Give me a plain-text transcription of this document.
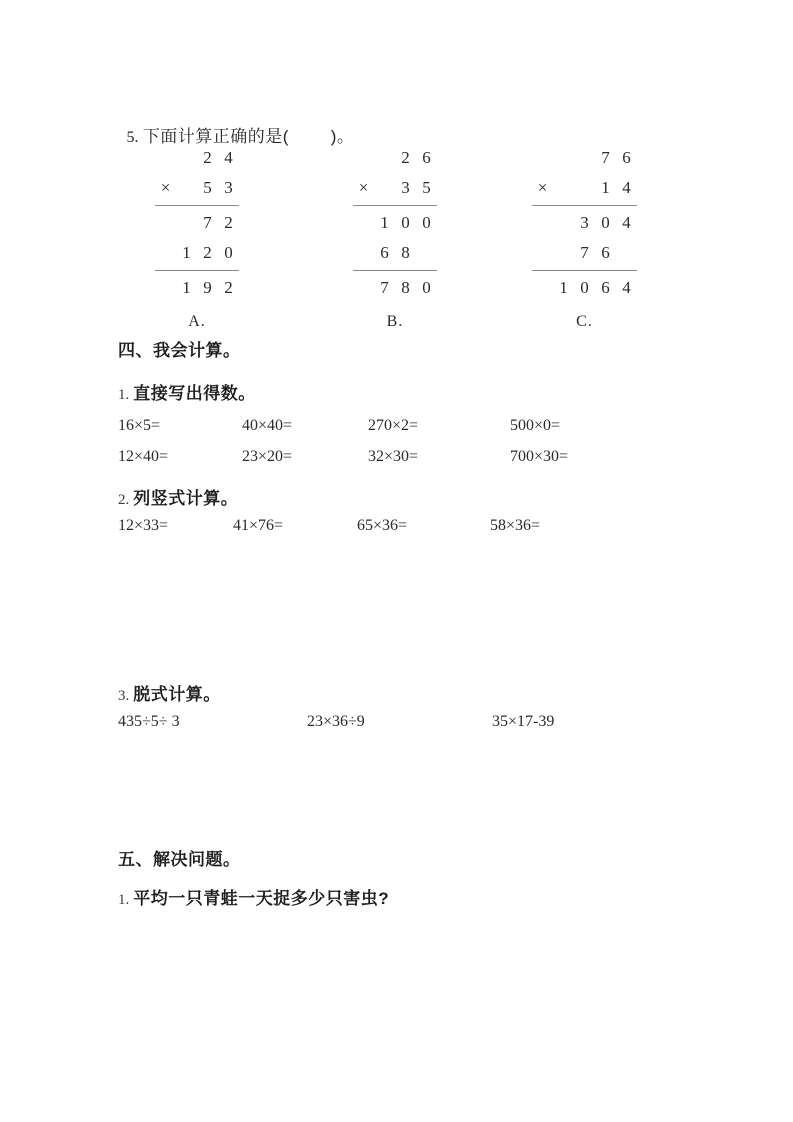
5. 下面计算正确的是(        )。

2 4
×	5 3
7 2
1 2 0
1 9 2
A.
2 6
×	3 5
1 0 0
6 8
7 8 0
B.
7 6
×	1 4
3 0 4
7 6
1 0 6 4
C.
四、我会计算。
1. 直接写出得数。
16×5=	40×40=	270×2=	500×0=
12×40=	23×20=	32×30=	700×30=
2. 列竖式计算。
12×33=	41×76=	65×36=	58×36=
3. 脱式计算。
435÷5÷ 3	23×36÷9	35×17-39
五、解决问题。
1. 平均一只青蛙一天捉多少只害虫?
